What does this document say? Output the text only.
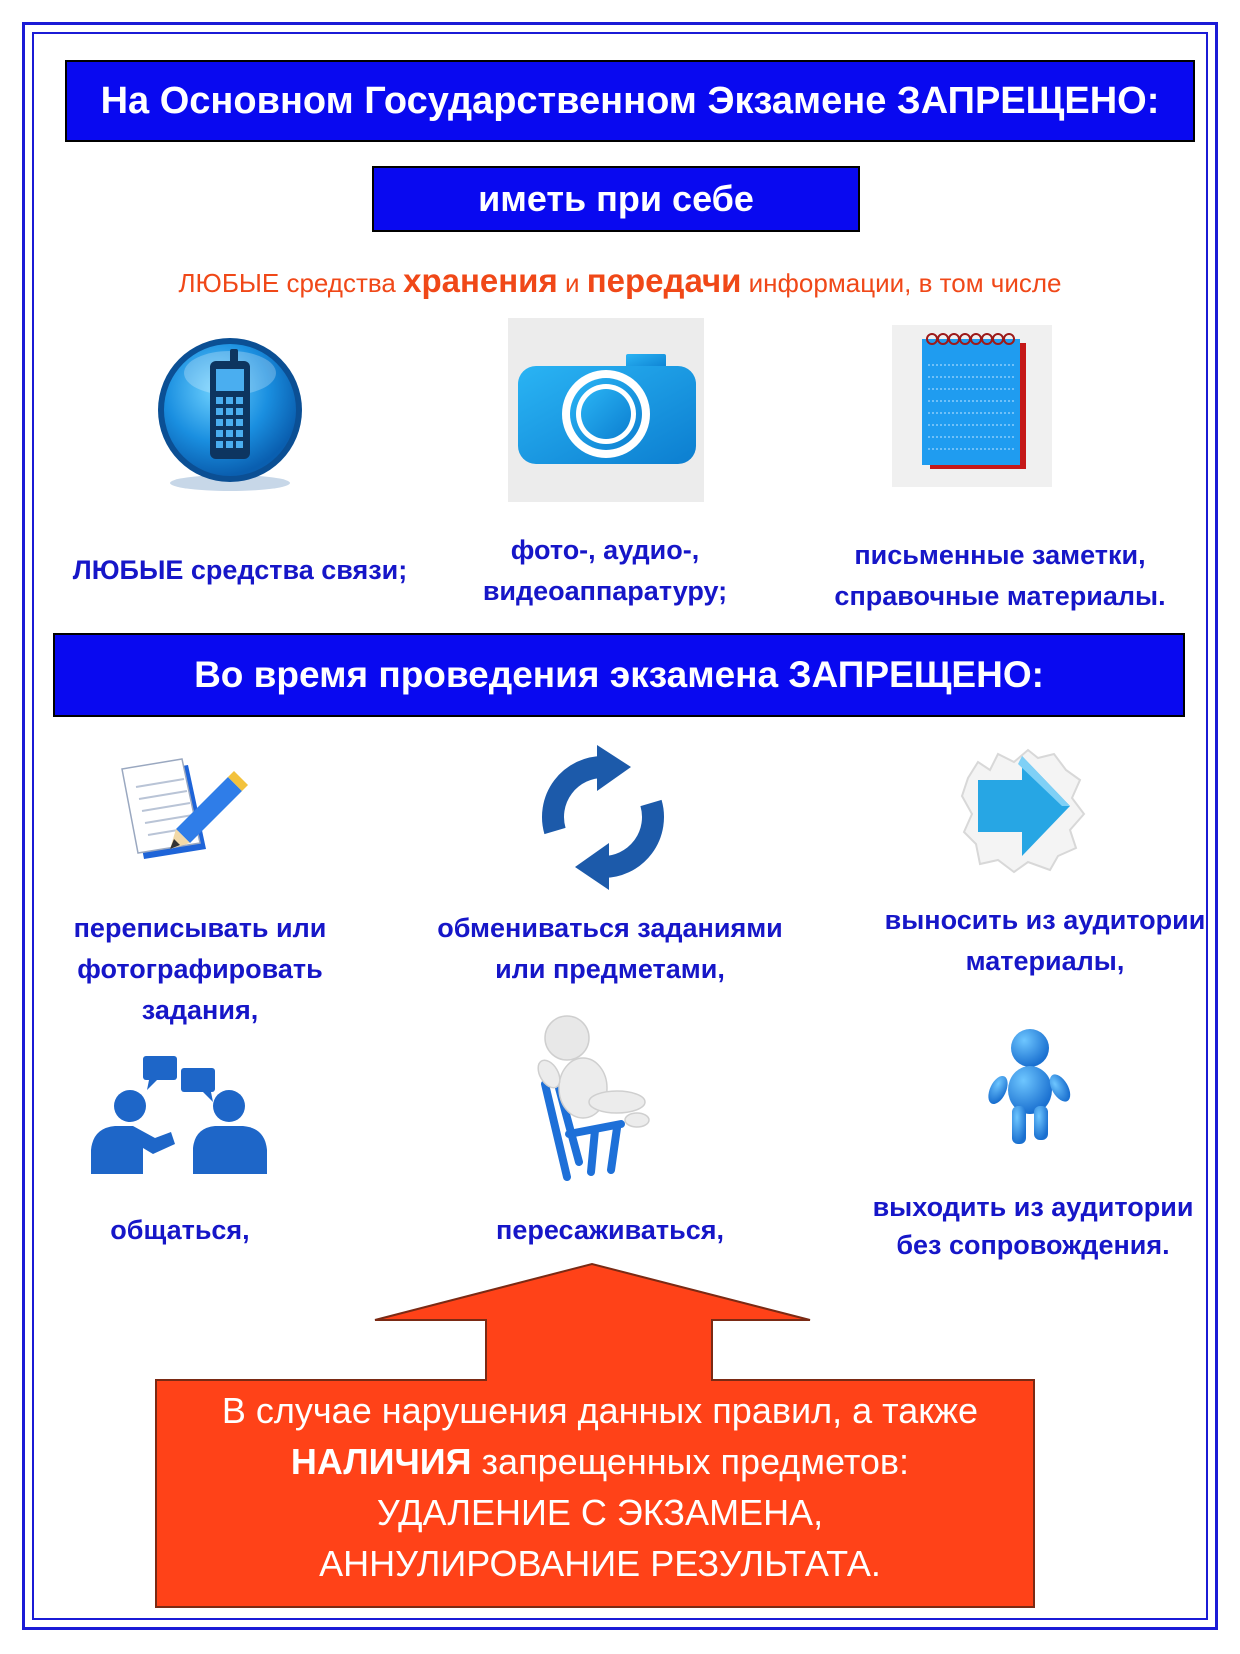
На Основном Государственном Экзамене ЗАПРЕЩЕНО:
иметь при себе
ЛЮБЫЕ средства хранения и передачи информации, в том числе
ЛЮБЫЕ средства связи;
фото-, аудио-,
видеоаппаратуру;
письменные заметки,
справочные материалы.
Во время проведения экзамена ЗАПРЕЩЕНО:
переписывать или
фотографировать
задания,
обмениваться заданиями
или предметами,
выносить из аудитории
материалы,
общаться,	пересаживаться,
выходить из аудитории
без сопровождения.
В случае нарушения данных правил, а также
НАЛИЧИЯ запрещенных предметов:
УДАЛЕНИЕ С ЭКЗАМЕНА,
АННУЛИРОВАНИЕ РЕЗУЛЬТАТА.
